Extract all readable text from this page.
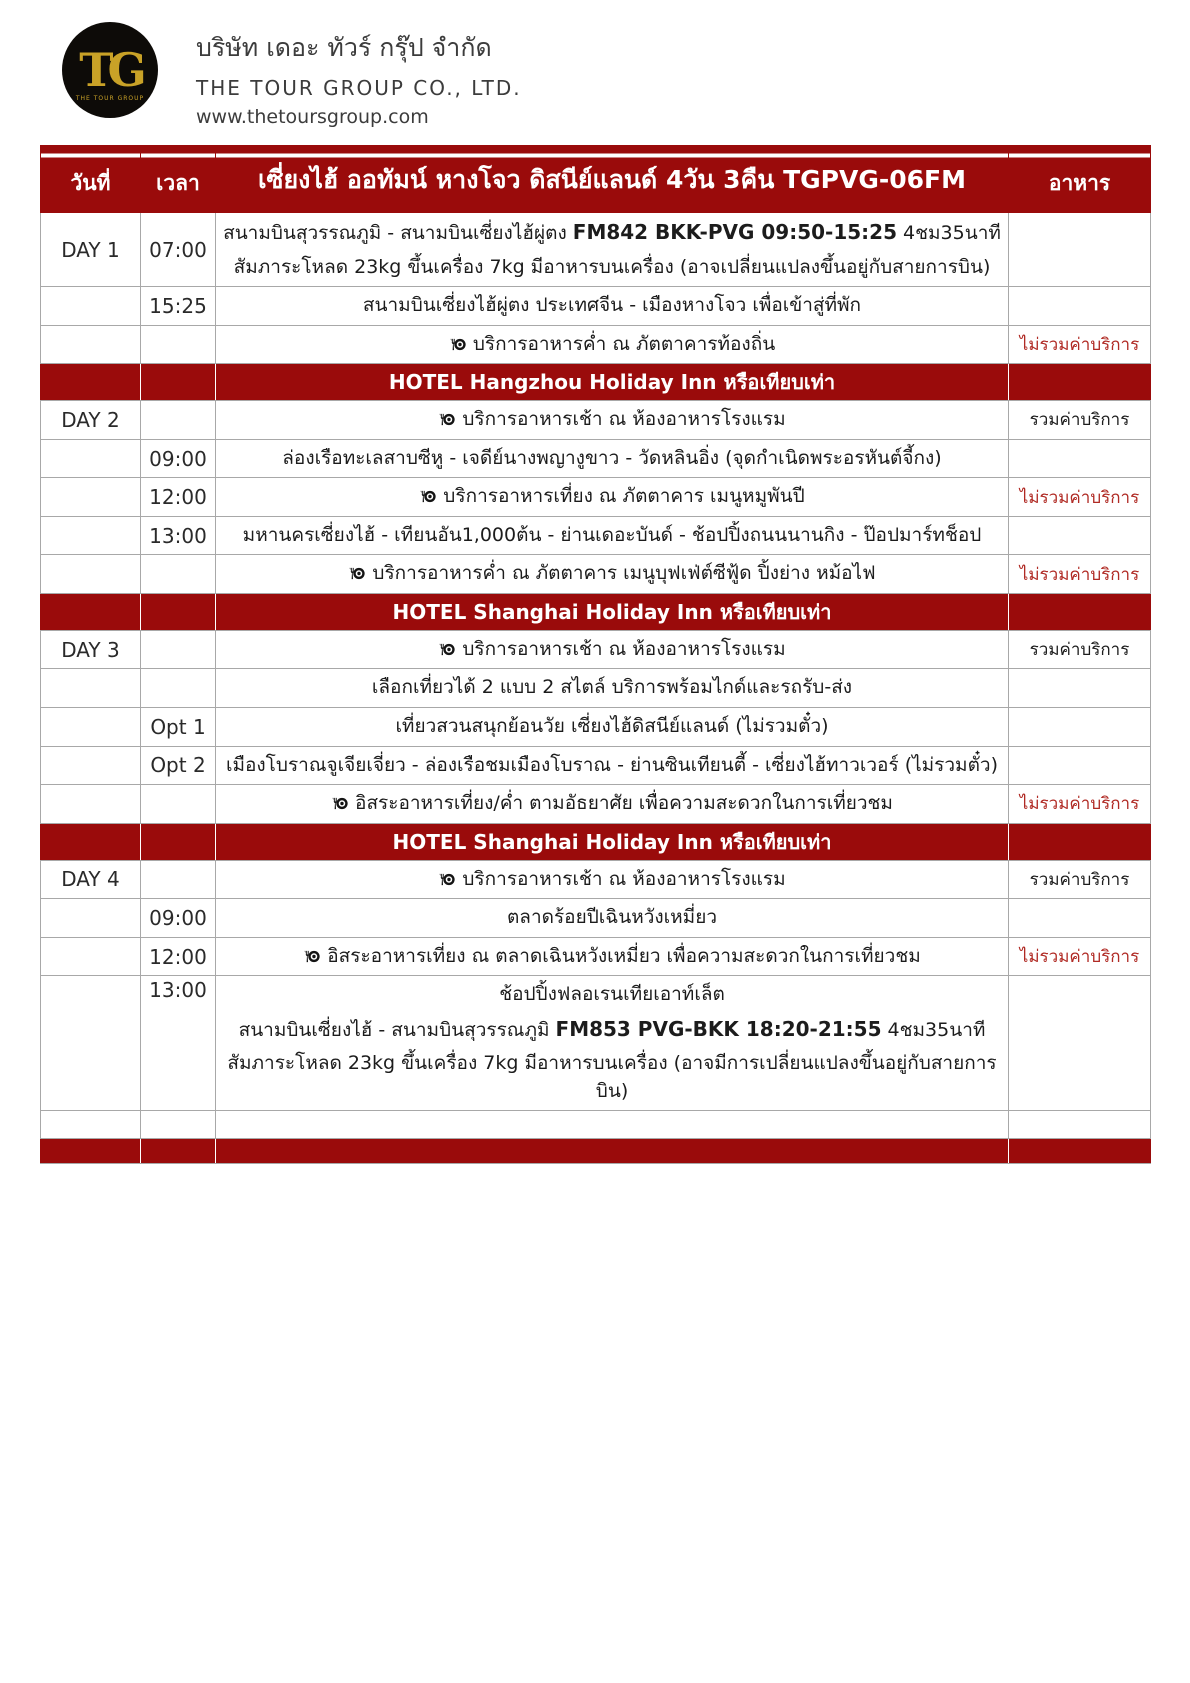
TG
THE TOUR GROUP
บริษัท เดอะ ทัวร์ กรุ๊ป จำกัด
THE TOUR GROUP CO., LTD.
www.thetoursgroup.com
วันที่	เวลา	เซี่ยงไฮ้ ออทัมน์ หางโจว ดิสนีย์แลนด์ 4วัน 3คืน TGPVG-06FM	อาหาร
DAY 1	07:00	สนามบินสุวรรณภูมิ - สนามบินเซี่ยงไฮ้ผู่ตง FM842 BKK-PVG 09:50-15:25 4ชม35นาที
สัมภาระโหลด 23kg ขึ้นเครื่อง 7kg มีอาหารบนเครื่อง (อาจเปลี่ยนแปลงขึ้นอยู่กับสายการบิน)	

	15:25	สนามบินเซี่ยงไฮ้ผู่ตง ประเทศจีน - เมืองหางโจว เพื่อเข้าสู่ที่พัก	

		บริการอาหารค่ำ ณ ภัตตาคารท้องถิ่น	ไม่รวมค่าบริการ
		HOTEL Hangzhou Holiday Inn หรือเทียบเท่า	
DAY 2		บริการอาหารเช้า ณ ห้องอาหารโรงแรม	รวมค่าบริการ
	09:00	ล่องเรือทะเลสาบซีหู - เจดีย์นางพญางูขาว - วัดหลินอิ่ง (จุดกำเนิดพระอรหันต์จี้กง)	

	12:00	บริการอาหารเที่ยง ณ ภัตตาคาร เมนูหมูพันปี	ไม่รวมค่าบริการ
	13:00	มหานครเซี่ยงไฮ้ - เทียนอัน1,000ต้น - ย่านเดอะบันด์ - ช้อปปิ้งถนนนานกิง - ป๊อปมาร์ทช็อป	

		บริการอาหารค่ำ ณ ภัตตาคาร เมนูบุฟเฟ่ต์ซีฟู้ด ปิ้งย่าง หม้อไฟ	ไม่รวมค่าบริการ
		HOTEL Shanghai Holiday Inn หรือเทียบเท่า	
DAY 3		บริการอาหารเช้า ณ ห้องอาหารโรงแรม	รวมค่าบริการ

		เลือกเที่ยวได้ 2 แบบ 2 สไตล์ บริการพร้อมไกด์และรถรับ-ส่ง	

	Opt 1	เที่ยวสวนสนุกย้อนวัย เซี่ยงไฮ้ดิสนีย์แลนด์ (ไม่รวมตั๋ว)	

	Opt 2	เมืองโบราณจูเจียเจี่ยว - ล่องเรือชมเมืองโบราณ - ย่านซินเทียนตี้ - เซี่ยงไฮ้ทาวเวอร์ (ไม่รวมตั๋ว)	

		อิสระอาหารเที่ยง/ค่ำ ตามอัธยาศัย เพื่อความสะดวกในการเที่ยวชม	ไม่รวมค่าบริการ
		HOTEL Shanghai Holiday Inn หรือเทียบเท่า	
DAY 4		บริการอาหารเช้า ณ ห้องอาหารโรงแรม	รวมค่าบริการ
	09:00	ตลาดร้อยปีเฉินหวังเหมี่ยว	

	12:00	อิสระอาหารเที่ยง ณ ตลาดเฉินหวังเหมี่ยว เพื่อความสะดวกในการเที่ยวชม	ไม่รวมค่าบริการ
	13:00	ช้อปปิ้งฟลอเรนเทียเอาท์เล็ต
สนามบินเซี่ยงไฮ้ - สนามบินสุวรรณภูมิ FM853 PVG-BKK 18:20-21:55 4ชม35นาที
สัมภาระโหลด 23kg ขึ้นเครื่อง 7kg มีอาหารบนเครื่อง (อาจมีการเปลี่ยนแปลงขึ้นอยู่กับสายการบิน)	
